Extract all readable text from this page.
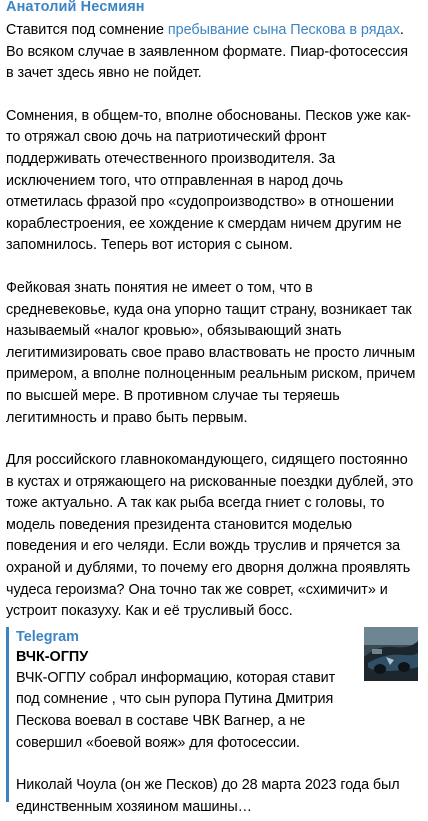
Анатолий Несмиян

Ставится под сомнение пребывание сына Пескова в рядах. Во всяком случае в заявленном формате. Пиар-фотосессия в зачет здесь явно не пойдет.

Сомнения, в общем-то, вполне обоснованы. Песков уже как-то отряжал свою дочь на патриотический фронт поддерживать отечественного производителя. За исключением того, что отправленная в народ дочь отметилась фразой про «судопроизводство» в отношении кораблестроения, ее хождение к смердам ничем другим не запомнилось. Теперь вот история с сыном.

Фейковая знать понятия не имеет о том, что в средневековье, куда она упорно тащит страну, возникает так называемый «налог кровью», обязывающий знать легитимизировать свое право властвовать не просто личным примером, а вполне полноценным реальным риском, причем по высшей мере. В противном случае ты теряешь легитимность и право быть первым.

Для российского главнокомандующего, сидящего постоянно в кустах и отряжающего на рискованные поездки дублей, это тоже актуально. А так как рыба всегда гниет с головы, то модель поведения президента становится моделью поведения и его челяди. Если вождь труслив и прячется за охраной и дублями, то почему его дворня должна проявлять чудеса героизма? Она точно так же соврет, «схимичит» и устроит показуху. Как и её трусливый босс.

Telegram
ВЧК-ОГПУ

ВЧК-ОГПУ собрал информацию, которая ставит под сомнение , что сын рупора Путина Дмитрия Пескова воевал в составе ЧВК Вагнер, а не совершил «боевой вояж» для фотосессии.

Николай Чоула (он же Песков) до 28 марта 2023 года был единственным хозяином машины…
